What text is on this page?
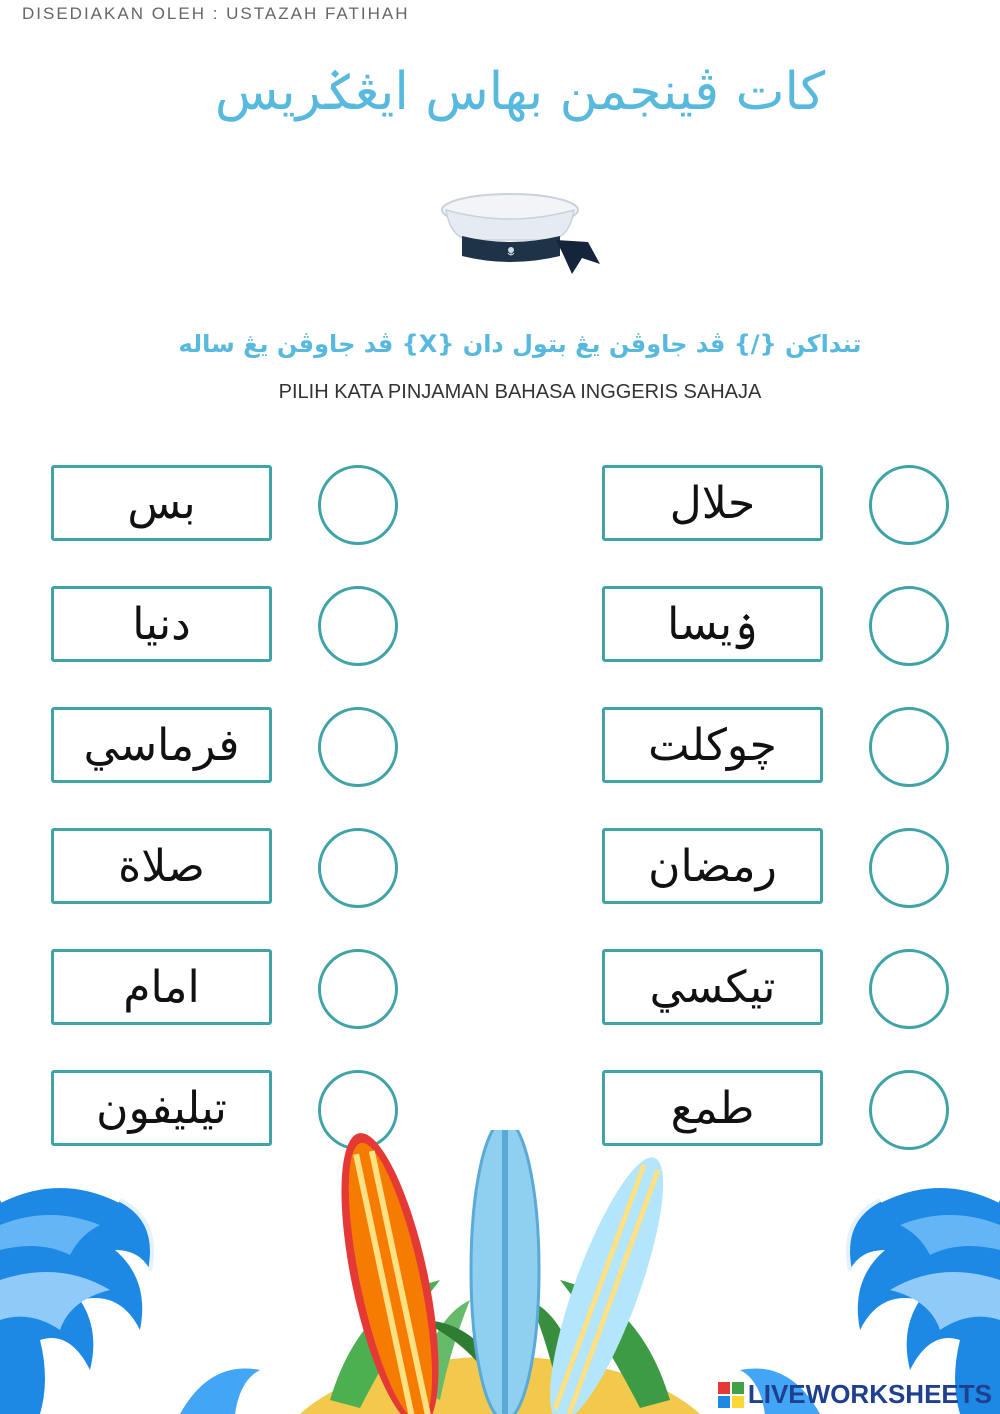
DISEDIAKAN OLEH : USTAZAH FATIHAH
كات ڤينجمن بهاس ايڠݢريس
تنداکن {/} ڤد جاوڤن يڠ بتول دان {X} ڤد جاوڤن يڠ ساله
PILIH KATA PINJAMAN BAHASA INGGERIS SAHAJA
بس
دنيا
فرماسي
صلاة
امام
تيليفون
حلال
ۏيسا
چوکلت
رمضان
تيکسي
طمع
LIVEWORKSHEETS
